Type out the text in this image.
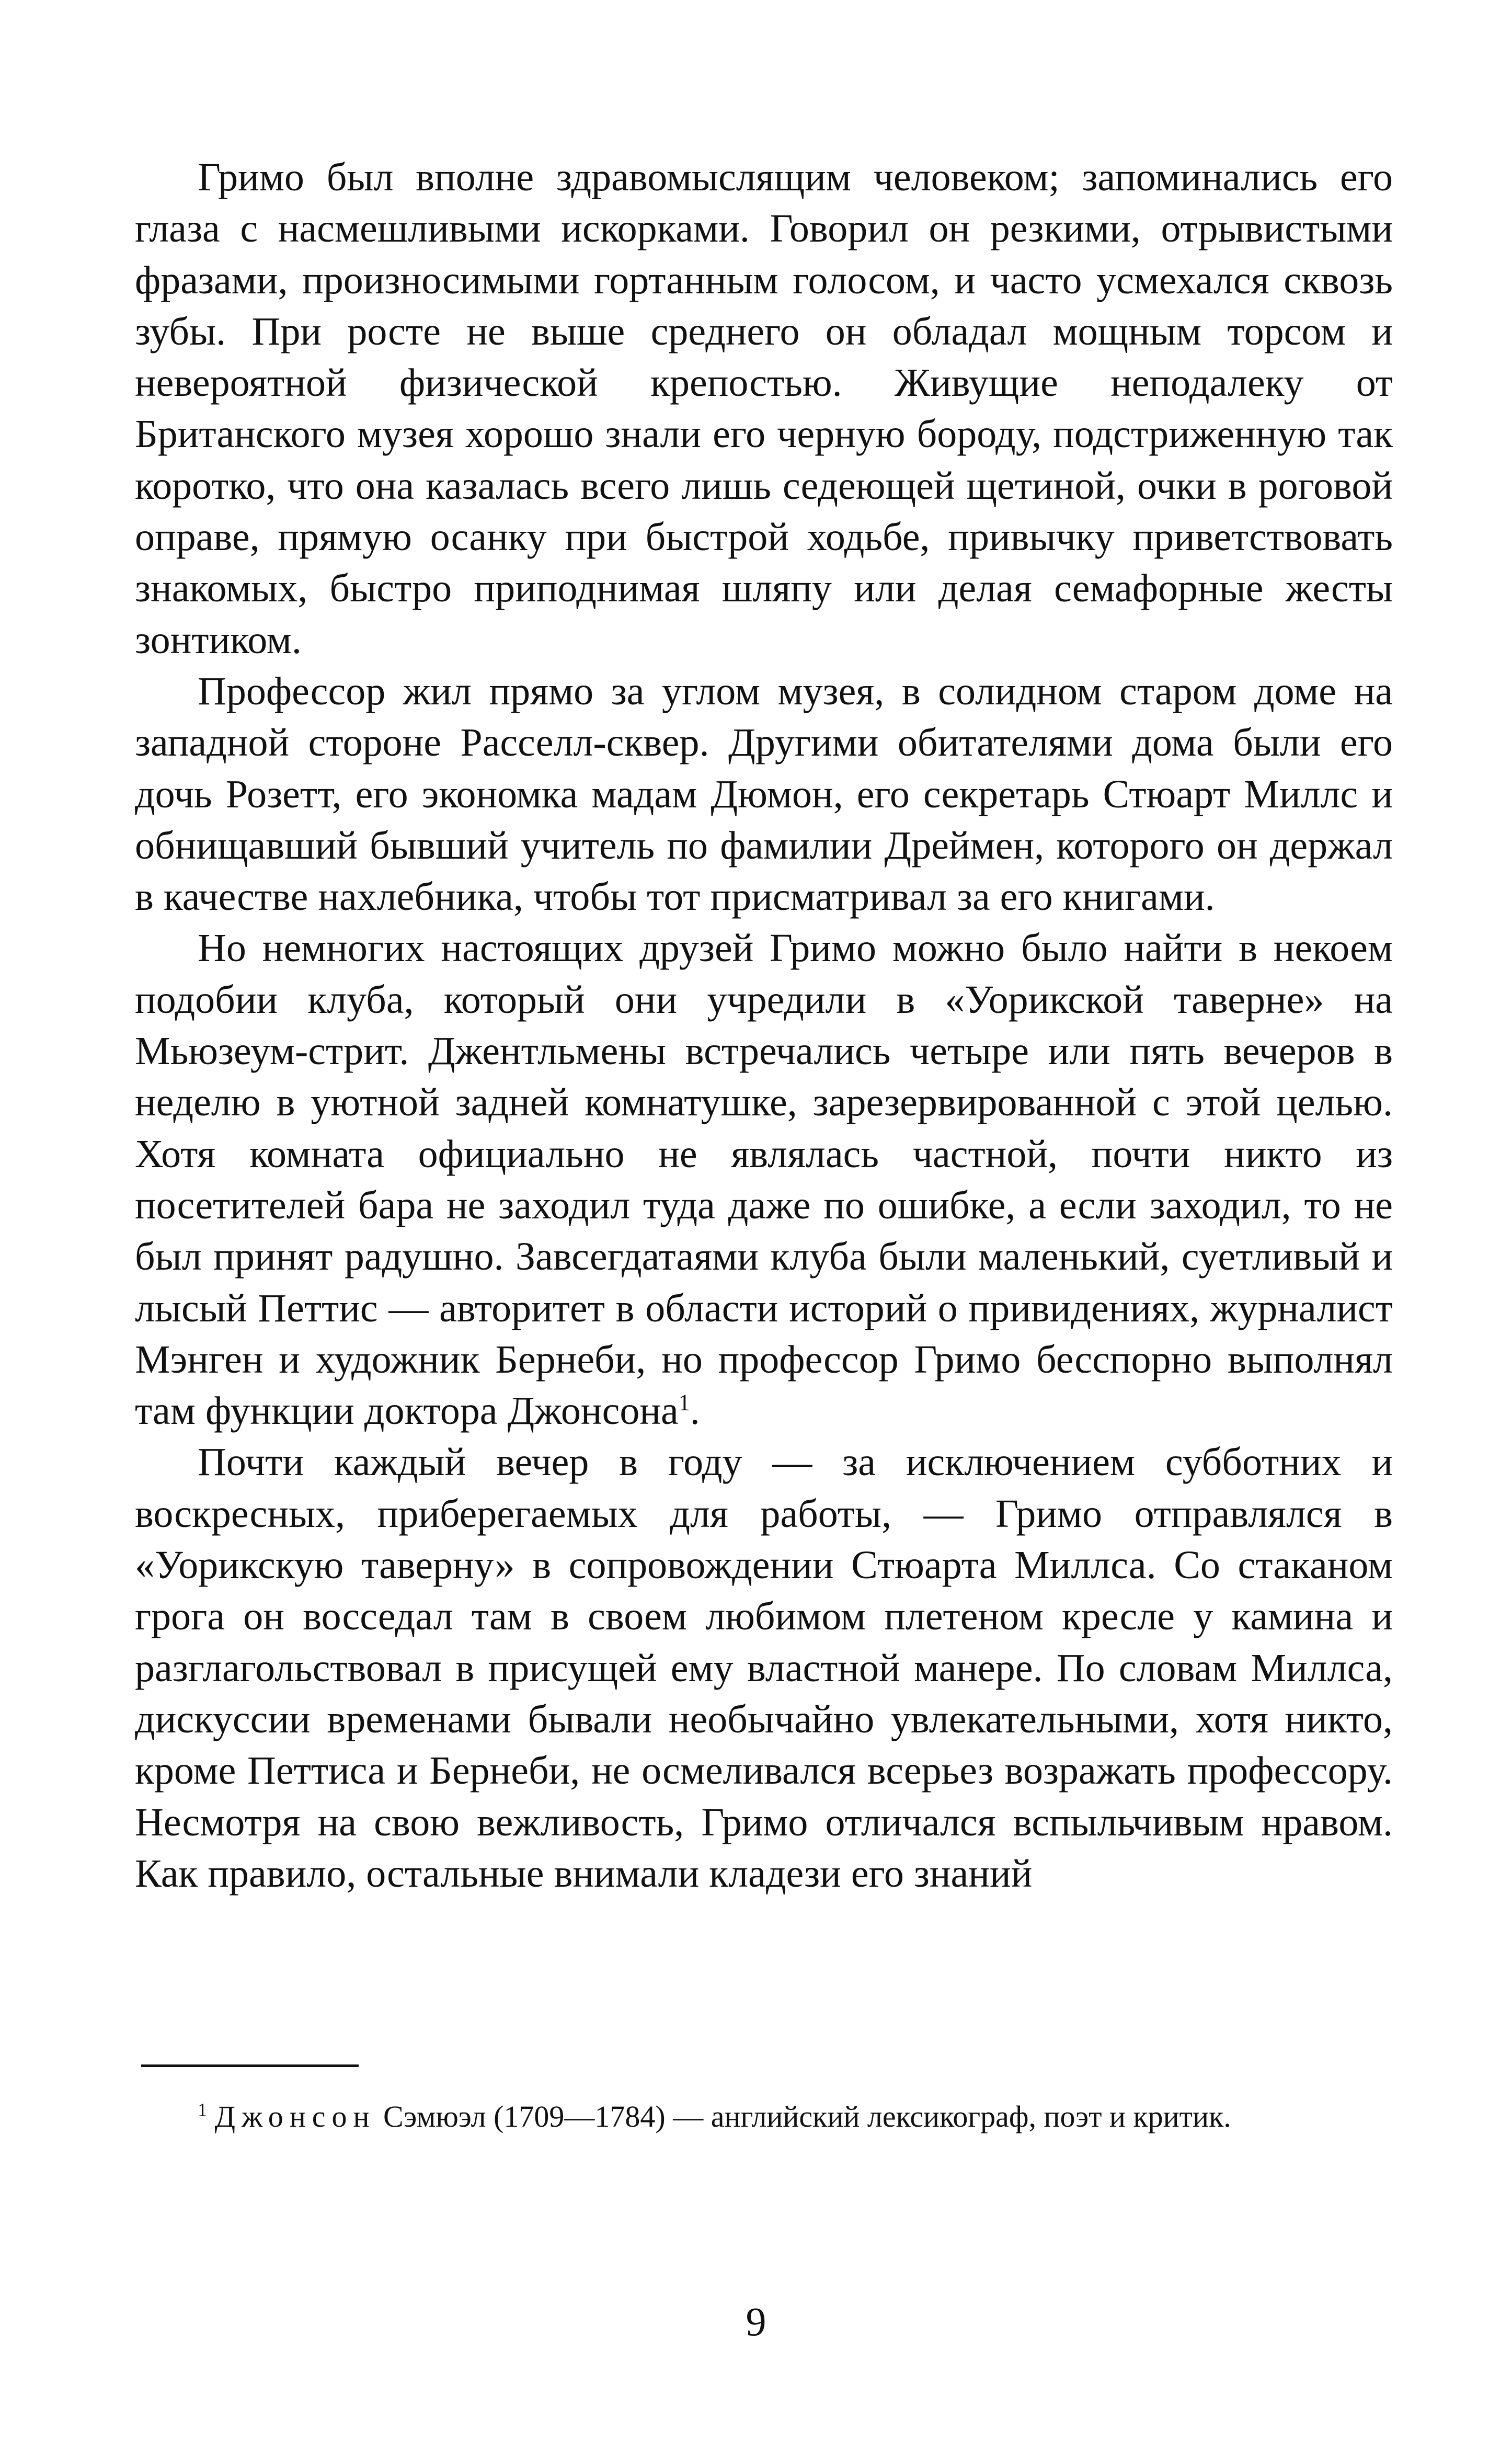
Гримо был вполне здравомыслящим человеком; запоминались его глаза с насмешливыми искорками. Говорил он резкими, отрывистыми фразами, произносимыми гортанным голосом, и часто усмехался сквозь зубы. При росте не выше среднего он обладал мощным торсом и невероятной физической крепостью. Живущие неподалеку от Британского музея хорошо знали его черную бороду, подстриженную так коротко, что она казалась всего лишь седеющей щетиной, очки в роговой оправе, прямую осанку при быстрой ходьбе, привычку приветствовать знакомых, быстро приподнимая шляпу или делая семафорные жесты зонтиком.

Профессор жил прямо за углом музея, в солидном старом доме на западной стороне Расселл-сквер. Другими обитателями дома были его дочь Розетт, его экономка мадам Дюмон, его секретарь Стюарт Миллс и обнищавший бывший учитель по фамилии Дреймен, которого он держал в качестве нахлебника, чтобы тот присматривал за его книгами.

Но немногих настоящих друзей Гримо можно было найти в некоем подобии клуба, который они учредили в «Уорикской таверне» на Мьюзеум-стрит. Джентльмены встречались четыре или пять вечеров в неделю в уютной задней комнатушке, зарезервированной с этой целью. Хотя комната официально не являлась частной, почти никто из посетителей бара не заходил туда даже по ошибке, а если заходил, то не был принят радушно. Завсегдатаями клуба были маленький, суетливый и лысый Петтис — авторитет в области историй о привидениях, журналист Мэнген и художник Бернеби, но профессор Гримо бесспорно выполнял там функции доктора Джонсона$^1$.

Почти каждый вечер в году — за исключением субботних и воскресных, приберегаемых для работы, — Гримо отправлялся в «Уорикскую таверну» в сопровождении Стюарта Миллса. Со стаканом грога он восседал там в своем любимом плетеном кресле у камина и разглагольствовал в присущей ему властной манере. По словам Миллса, дискуссии временами бывали необычайно увлекательными, хотя никто, кроме Петтиса и Бернеби, не осмеливался всерьез возражать профессору. Несмотря на свою вежливость, Гримо отличался вспыльчивым нравом. Как правило, остальные внимали кладези его знаний

$^1$ Джонсон Сэмюэл (1709—1784) — английский лексикограф, поэт и критик.

9
